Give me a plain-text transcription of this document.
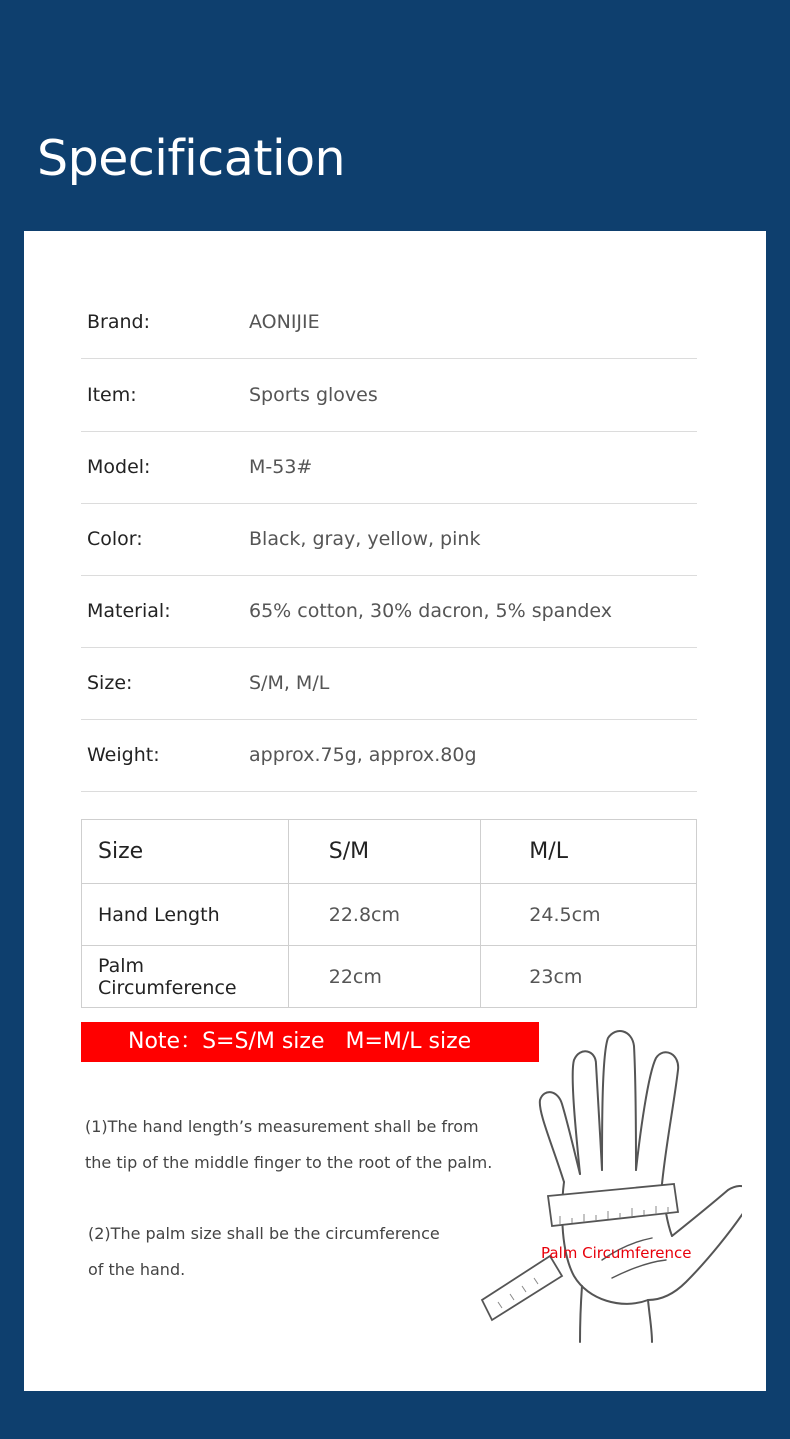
Specification
Brand:	AONIJIE
Item:	Sports gloves
Model:	M-53#
Color:	Black, gray, yellow, pink
Material:	65% cotton, 30% dacron, 5% spandex
Size:	S/M, M/L
Weight:	approx.75g, approx.80g
Size	S/M	M/L
Hand Length	22.8cm	24.5cm
Palm Circumference	22cm	23cm
Note：S=S/M size   M=M/L size
(1)The hand length’s measurement shall be from
the tip of the middle finger to the root of the palm.
(2)The palm size shall be the circumference
of the hand.
Palm Circumference
